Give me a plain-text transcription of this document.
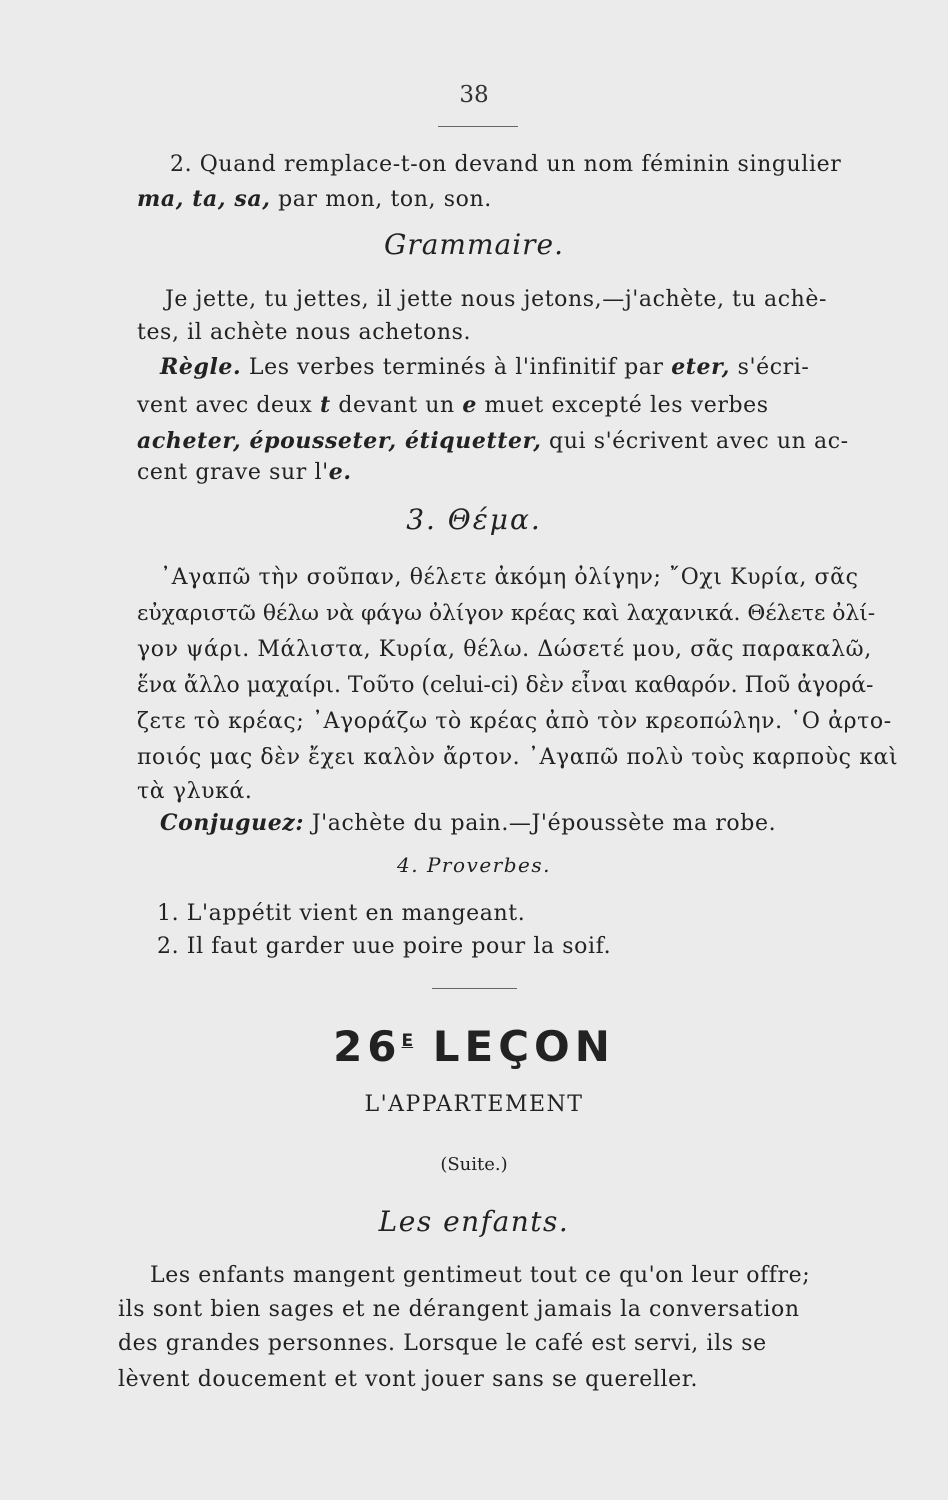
38
2. Quand remplace-t-on devand un nom féminin singulier
ma, ta, sa, par mon, ton, son.
Grammaire.
Je jette, tu jettes, il jette nous jetons,—j'achète, tu achè-
tes, il achète nous achetons.
Règle. Les verbes terminés à l'infinitif par eter, s'écri-
vent avec deux t devant un e muet excepté les verbes
acheter, épousseter, étiquetter, qui s'écrivent avec un ac-
cent grave sur l'e.
3. Θέμα.
᾿Αγαπῶ τὴν σοῦπαν, θέλετε ἀκόμη ὀλίγην; ῎Οχι Κυρία, σᾶς
εὐχαριστῶ θέλω νὰ φάγω ὀλίγον κρέας καὶ λαχανικά. Θέλετε ὀλί-
γον ψάρι. Μάλιστα, Κυρία, θέλω. Δώσετέ μου, σᾶς παρακαλῶ,
ἕνα ἄλλο μαχαίρι. Τοῦτο (celui-ci) δὲν εἶναι καθαρόν. Ποῦ ἀγορά-
ζετε τὸ κρέας; ᾿Αγοράζω τὸ κρέας ἀπὸ τὸν κρεοπώλην. ῾Ο ἀρτο-
ποιός μας δὲν ἔχει καλὸν ἄρτον. ᾿Αγαπῶ πολὺ τοὺς καρποὺς καὶ
τὰ γλυκά.
Conjuguez: J'achète du pain.—J'époussète ma robe.
4. Proverbes.
1. L'appétit vient en mangeant.
2. Il faut garder uue poire pour la soif.
$26^E$ LEÇON
L'APPARTEMENT
(Suite.)
Les enfants.
Les enfants mangent gentimeut tout ce qu'on leur offre;
ils sont bien sages et ne dérangent jamais la conversation
des grandes personnes. Lorsque le café est servi, ils se
lèvent doucement et vont jouer sans se quereller.
